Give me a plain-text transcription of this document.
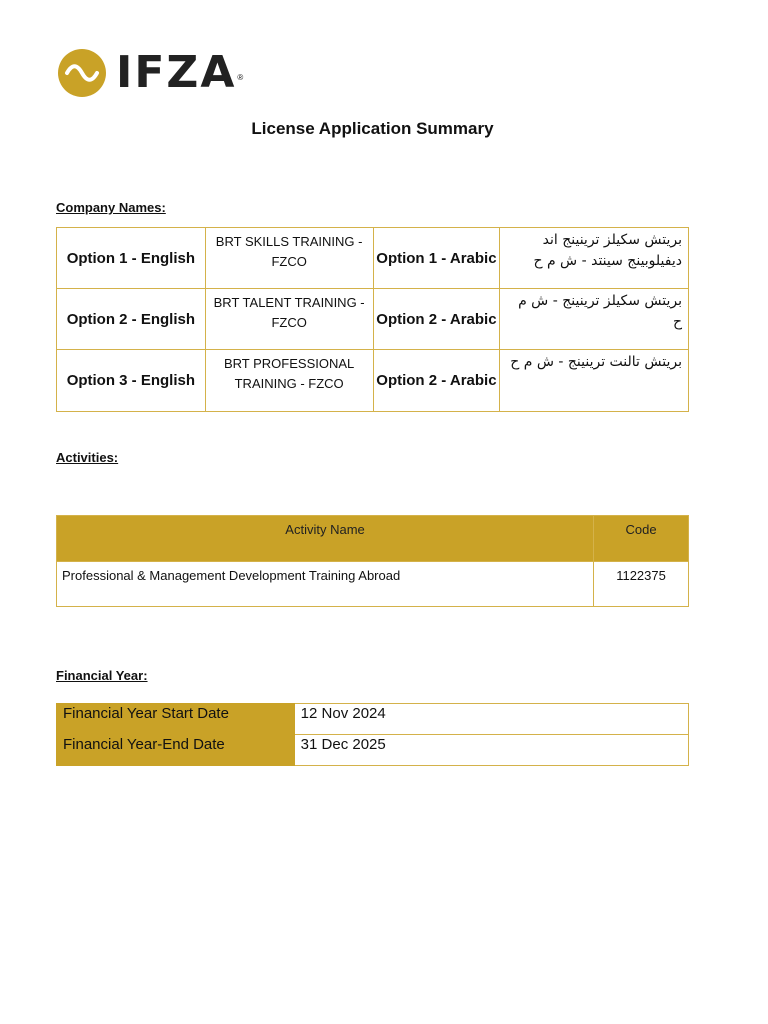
IFZA ®
License Application Summary
Company Names:
Option 1 - English	BRT SKILLS TRAINING - FZCO	Option 1 - Arabic	بريتش سكيلز ترينينج اند ديفيلوبينج سينتد - ش م ح
Option 2 - English	BRT TALENT TRAINING - FZCO	Option 2 - Arabic	بريتش سكيلز ترينينج - ش م ح
Option 3 - English	BRT PROFESSIONAL TRAINING - FZCO	Option 2 - Arabic	بريتش تالنت ترينينج - ش م ح
Activities:
Activity Name	Code
Professional & Management Development Training Abroad	1122375
Financial Year:
Financial Year Start Date	12 Nov 2024
Financial Year-End Date	31 Dec 2025
